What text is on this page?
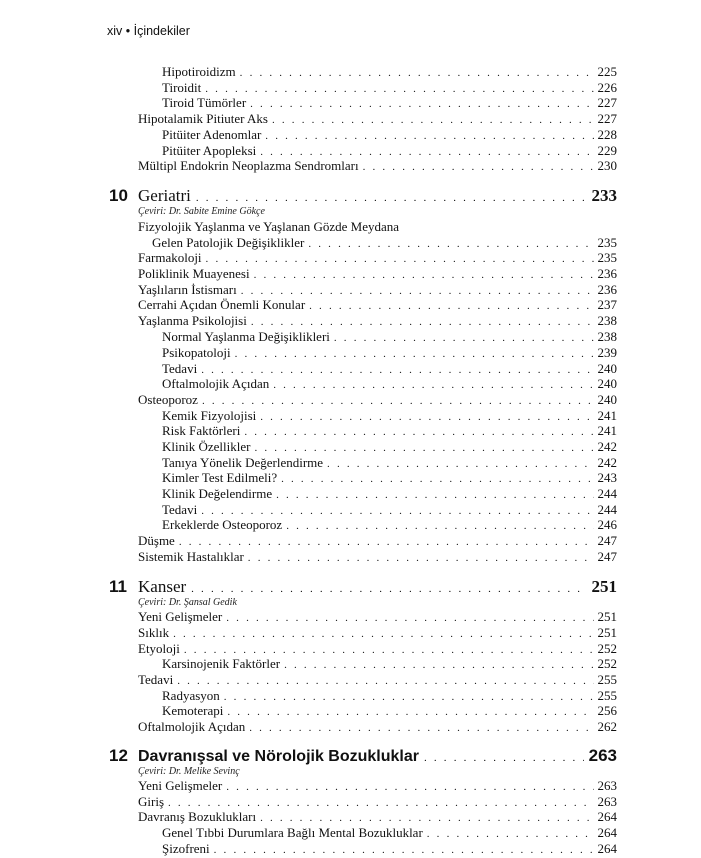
xiv • İçindekiler
Hipotiroidizm . . .	225
Tiroidit . . .	226
Tiroid Tümörler . . .	227
Hipotalamik Pitiuter Aks . . .	227
Pitüiter Adenomlar . . .	228
Pitüiter Apopleksi . . .	229
Mültipl Endokrin Neoplazma Sendromları . . .	230
10 Geriatri . . .	233
Çeviri: Dr. Sabite Emine Gökçe
Fizyolojik Yaşlanma ve Yaşlanan Gözde Meydana
Gelen Patolojik Değişiklikler . . .	235
Farmakoloji . . .	235
Poliklinik Muayenesi . . .	236
Yaşlıların İstismarı . . .	236
Cerrahi Açıdan Önemli Konular . . .	237
Yaşlanma Psikolojisi . . .	238
Normal Yaşlanma Değişiklikleri . . .	238
Psikopatoloji . . .	239
Tedavi . . .	240
Oftalmolojik Açıdan . . .	240
Osteoporoz . . .	240
Kemik Fizyolojisi . . .	241
Risk Faktörleri . . .	241
Klinik Özellikler . . .	242
Tanıya Yönelik Değerlendirme . . .	242
Kimler Test Edilmeli? . . .	243
Klinik Değelendirme . . .	244
Tedavi . . .	244
Erkeklerde Osteoporoz . . .	246
Düşme . . .	247
Sistemik Hastalıklar . . .	247
11 Kanser . . .	251
Çeviri: Dr. Şansal Gedik
Yeni Gelişmeler . . .	251
Sıklık . . .	251
Etyoloji . . .	252
Karsinojenik Faktörler . . .	252
Tedavi . . .	255
Radyasyon . . .	255
Kemoterapi . . .	256
Oftalmolojik Açıdan . . .	262
12 Davranışsal ve Nörolojik Bozukluklar . . .	263
Çeviri: Dr. Melike Sevinç
Yeni Gelişmeler . . .	263
Giriş . . .	263
Davranış Bozuklukları . . .	264
Genel Tıbbi Durumlara Bağlı Mental Bozukluklar . . .	264
Şizofreni . . .	264
